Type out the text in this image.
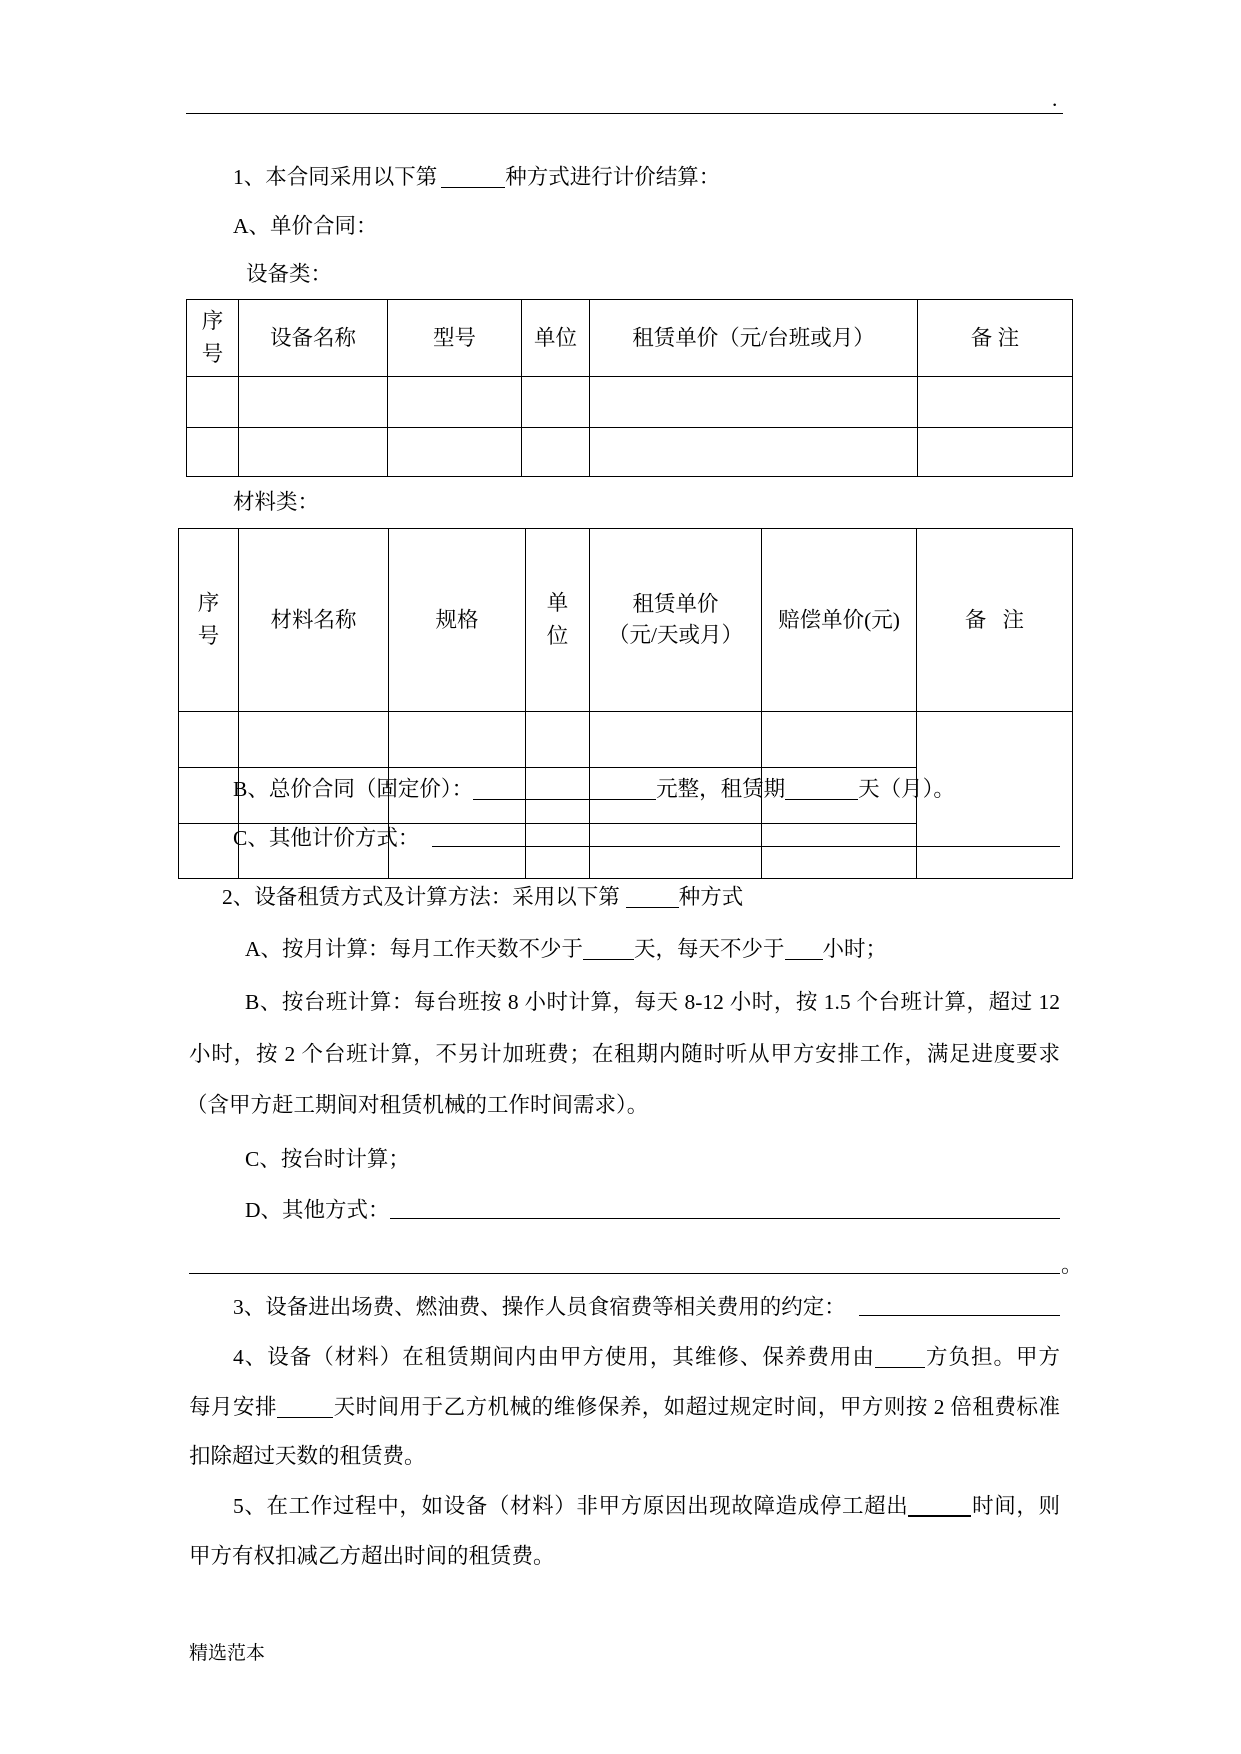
.
1、本合同采用以下第	种方式进行计价结算：
A、单价合同：
设备类：
序号	设备名称	型号	单位	租赁单价（元/台班或月）	备 注

材料类：
序号	材料名称	规格	单位	租赁单价
（元/天或月）	赔偿单价(元)	备   注

B、总价合同（固定价）：	元整，租赁期	天（月）。
C、其他计价方式：
2、设备租赁方式及计算方法：采用以下第	种方式
A、按月计算：每月工作天数不少于 天，每天不少于 小时；
B、按台班计算：每台班按 8 小时计算，每天 8-12 小时，按 1.5 个台班计算，超过 12
小时，按 2 个台班计算，不另计加班费；在租期内随时听从甲方安排工作，满足进度要求
（含甲方赶工期间对租赁机械的工作时间需求）。
C、按台时计算；
D、其他方式：
。
3、设备进出场费、燃油费、操作人员食宿费等相关费用的约定：
4、设备（材料）在租赁期间内由甲方使用，其维修、保养费用由 方负担。甲方
每月安排	天时间用于乙方机械的维修保养，如超过规定时间，甲方则按 2 倍租费标准
扣除超过天数的租赁费。
5、在工作过程中，如设备（材料）非甲方原因出现故障造成停工超出	时间，则
甲方有权扣减乙方超出时间的租赁费。
精选范本
